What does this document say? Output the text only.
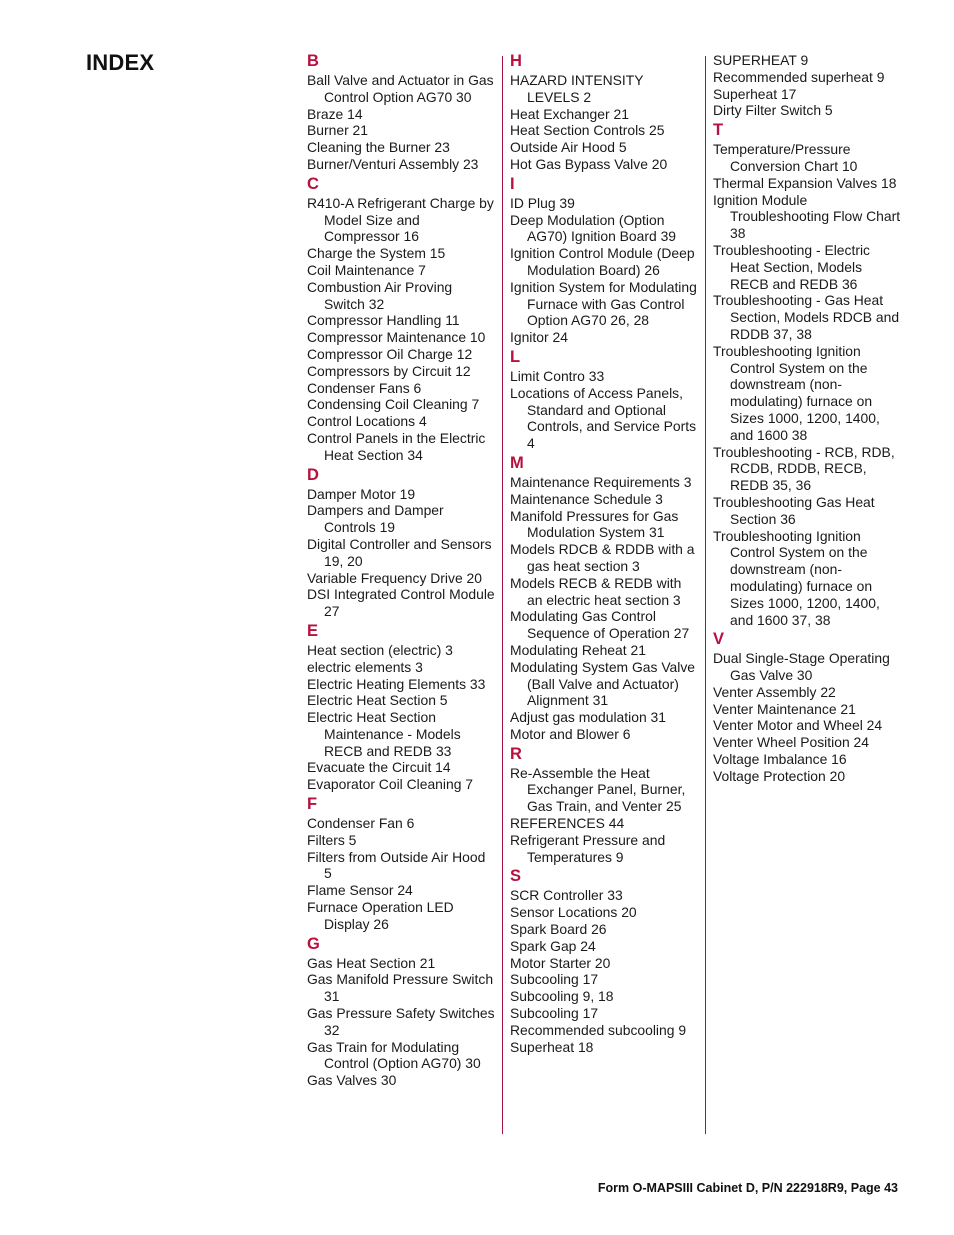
INDEX	B
Ball Valve and Actuator in Gas Control Option AG70 30
Braze 14
Burner 21
Cleaning the Burner 23
Burner/Venturi Assembly 23
C
R410-A Refrigerant Charge by Model Size and Compressor 16
Charge the System 15
Coil Maintenance 7
Combustion Air Proving Switch 32
Compressor Handling 11
Compressor Maintenance 10
Compressor Oil Charge 12
Compressors by Circuit 12
Condenser Fans 6
Condensing Coil Cleaning 7
Control Locations 4
Control Panels in the Electric Heat Section 34
D
Damper Motor 19
Dampers and Damper Controls 19
Digital Controller and Sensors 19, 20
Variable Frequency Drive 20
DSI Integrated Control Module 27
E
Heat section (electric) 3
electric elements 3
Electric Heating Elements 33
Electric Heat Section 5
Electric Heat Section Maintenance - Models RECB and REDB 33
Evacuate the Circuit 14
Evaporator Coil Cleaning 7
F
Condenser Fan 6
Filters 5
Filters from Outside Air Hood 5
Flame Sensor 24
Furnace Operation LED Display 26
G
Gas Heat Section 21
Gas Manifold Pressure Switch 31
Gas Pressure Safety Switches 32
Gas Train for Modulating Control (Option AG70) 30
Gas Valves 30
H
HAZARD INTENSITY LEVELS 2
Heat Exchanger 21
Heat Section Controls 25
Outside Air Hood 5
Hot Gas Bypass Valve 20
I
ID Plug 39
Deep Modulation (Option AG70) Ignition Board 39
Ignition Control Module (Deep Modulation Board) 26
Ignition System for Modulating Furnace with Gas Control Option AG70 26, 28
Ignitor 24
L
Limit Contro 33
Locations of Access Panels, Standard and Optional Controls, and Service Ports 4
M
Maintenance Requirements 3
Maintenance Schedule 3
Manifold Pressures for Gas Modulation System 31
Models RDCB & RDDB with a gas heat section 3
Models RECB & REDB with an electric heat section 3
Modulating Gas Control Sequence of Operation 27
Modulating Reheat 21
Modulating System Gas Valve (Ball Valve and Actuator) Alignment 31
Adjust gas modulation 31
Motor and Blower 6
R
Re-Assemble the Heat Exchanger Panel, Burner, Gas Train, and Venter 25
REFERENCES 44
Refrigerant Pressure and Temperatures 9
S
SCR Controller 33
Sensor Locations 20
Spark Board 26
Spark Gap 24
Motor Starter 20
Subcooling 17
Subcooling 9, 18
Subcooling 17
Recommended subcooling 9
Superheat 18
SUPERHEAT 9
Recommended superheat 9
Superheat 17
Dirty Filter Switch 5
T
Temperature/Pressure Conversion Chart 10
Thermal Expansion Valves 18
Ignition Module Troubleshooting Flow Chart 38
Troubleshooting - Electric Heat Section, Models RECB and REDB 36
Troubleshooting - Gas Heat Section, Models RDCB and RDDB 37, 38
Troubleshooting Ignition Control System on the downstream (non-modulating) furnace on Sizes 1000, 1200, 1400, and 1600 38
Troubleshooting - RCB, RDB, RCDB, RDDB, RECB, REDB 35, 36
Troubleshooting Gas Heat Section 36
Troubleshooting Ignition Control System on the downstream (non-modulating) furnace on Sizes 1000, 1200, 1400, and 1600 37, 38
V
Dual Single-Stage Operating Gas Valve 30
Venter Assembly 22
Venter Maintenance 21
Venter Motor and Wheel 24
Venter Wheel Position 24
Voltage Imbalance 16
Voltage Protection 20
Form O-MAPSIII Cabinet D, P/N 222918R9, Page 43
